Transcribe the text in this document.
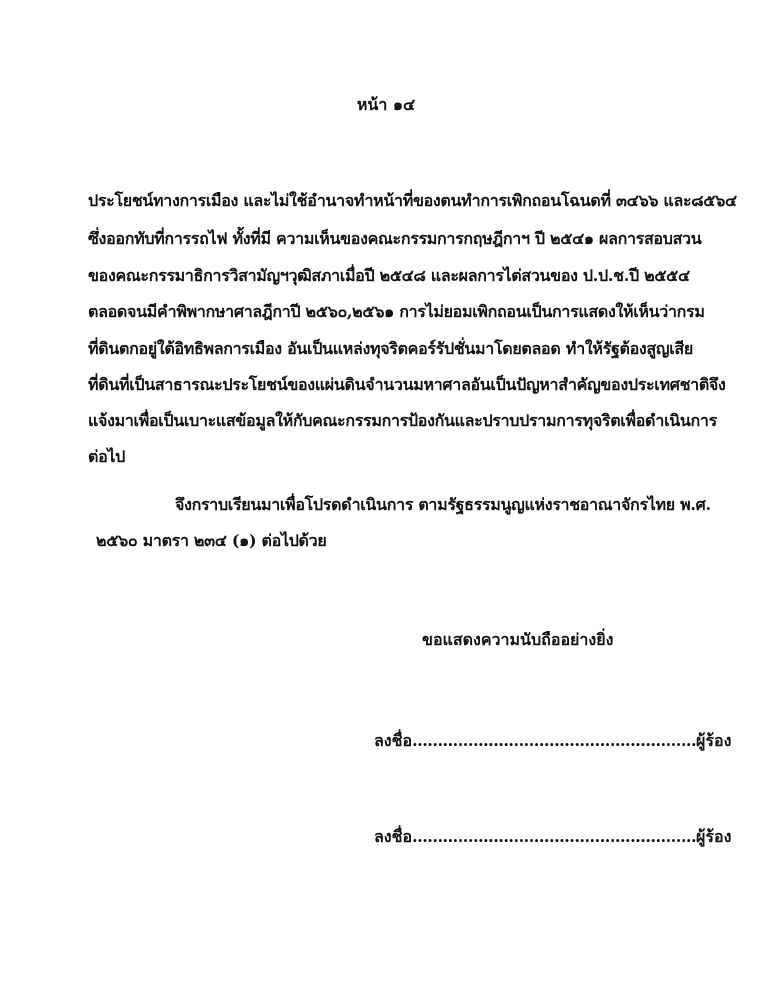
หน้า ๑๔
ประโยชน์ทางการเมือง และไม่ใช้อำนาจทำหน้าที่ของตนทำการเพิกถอนโฉนดที่ ๓๔๖๖ และ๘๕๖๔
ซึ่งออกทับที่การรถไฟ ทั้งที่มี ความเห็นของคณะกรรมการกฤษฎีกาฯ ปี ๒๕๔๑ ผลการสอบสวน
ของคณะกรรมาธิการวิสามัญฯวุฒิสภาเมื่อปี ๒๕๔๘ และผลการไต่สวนของ ป.ป.ช.ปี ๒๕๕๔
ตลอดจนมีคำพิพากษาศาลฎีกาปี ๒๕๖๐,๒๕๖๑ การไม่ยอมเพิกถอนเป็นการแสดงให้เห็นว่ากรม
ที่ดินตกอยู่ใต้อิทธิพลการเมือง อันเป็นแหล่งทุจริตคอร์รัปชั่นมาโดยตลอด ทำให้รัฐต้องสูญเสีย
ที่ดินที่เป็นสาธารณะประโยชน์ของแผ่นดินจำนวนมหาศาลอันเป็นปัญหาสำคัญของประเทศชาติจึง
แจ้งมาเพื่อเป็นเบาะแสข้อมูลให้กับคณะกรรมการป้องกันและปราบปรามการทุจริตเพื่อดำเนินการ
ต่อไป
จึงกราบเรียนมาเพื่อโปรดดำเนินการ ตามรัฐธรรมนูญแห่งราชอาณาจักรไทย พ.ศ.
๒๕๖๐ มาตรา ๒๓๔ (๑) ต่อไปด้วย
ขอแสดงความนับถืออย่างยิ่ง
ลงชื่อ........................................................ผู้ร้อง
ลงชื่อ........................................................ผู้ร้อง
